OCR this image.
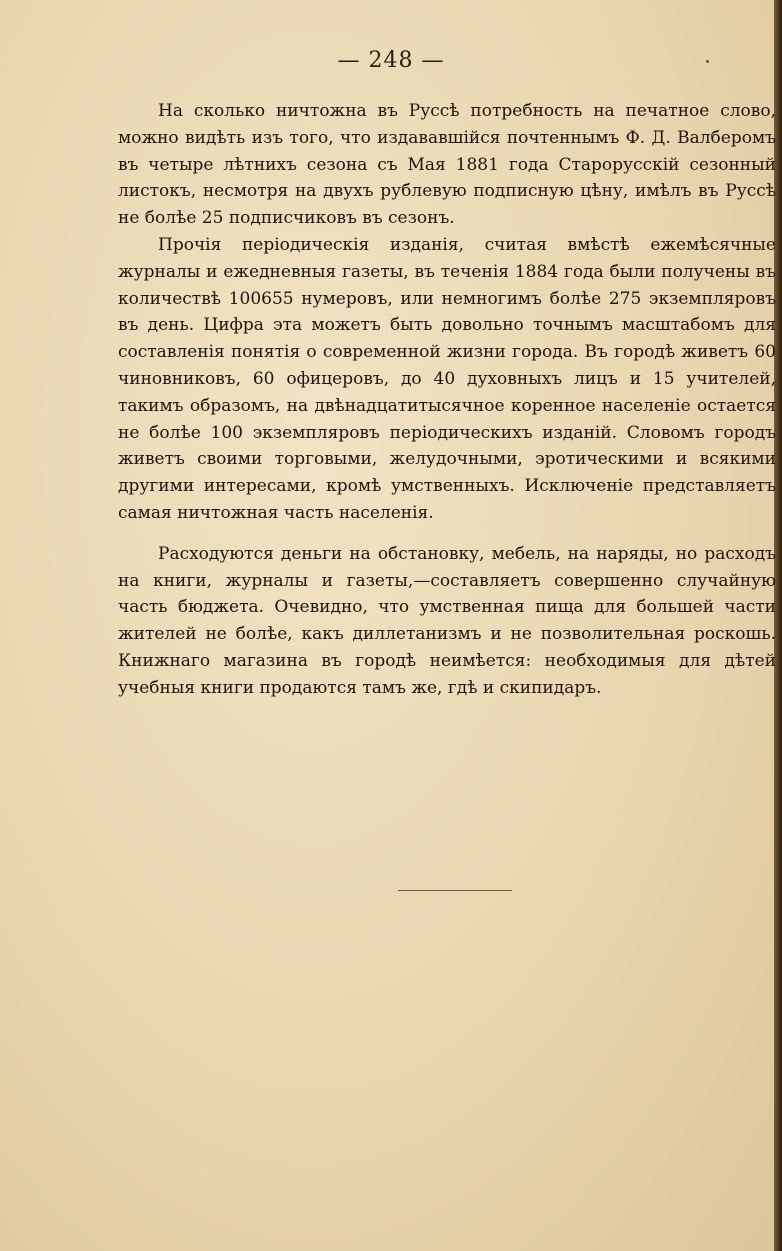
— 248 —

На сколько ничтожна въ Руссѣ потребность на печатное слово, можно видѣть изъ того, что издававшійся почтеннымъ Ф. Д. Валберомъ въ четыре лѣтнихъ сезона съ Мая 1881 года Старорусскій сезонный листокъ, несмотря на двухъ рублевую подписную цѣну, имѣлъ въ Руссѣ не болѣе 25 подписчиковъ въ сезонъ.

Прочія періодическія изданія, считая вмѣстѣ ежемѣсячные журналы и ежедневныя газеты, въ теченія 1884 года были получены въ количествѣ 100655 нумеровъ, или немногимъ болѣе 275 экземпляровъ въ день. Цифра эта можетъ быть довольно точнымъ масштабомъ для составленія понятія о современной жизни города. Въ городѣ живетъ 60 чиновниковъ, 60 офицеровъ, до 40 духовныхъ лицъ и 15 учителей, такимъ образомъ, на двѣнадцатитысячное коренное населеніе остается не болѣе 100 экземпляровъ періодическихъ изданій. Словомъ городъ живетъ своими торговыми, желудочными, эротическими и всякими другими интересами, кромѣ умственныхъ. Исключеніе представляетъ самая ничтожная часть населенія.

Расходуются деньги на обстановку, мебель, на наряды, но расходъ на книги, журналы и газеты,—составляетъ совершенно случайную часть бюджета. Очевидно, что умственная пища для большей части жителей не болѣе, какъ диллетанизмъ и не позволительная роскошь. Книжнаго магазина въ городѣ неимѣется: необходимыя для дѣтей учебныя книги продаются тамъ же, гдѣ и скипидаръ.
